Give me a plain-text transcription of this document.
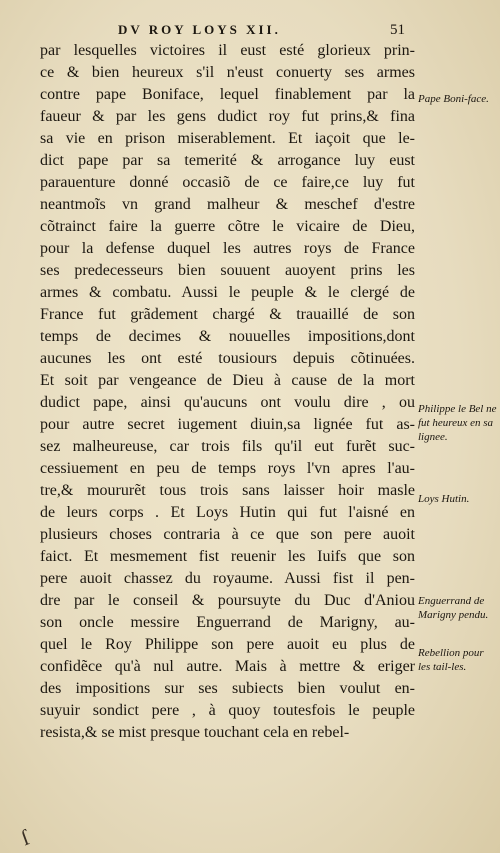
DV ROY LOYS XII.	51
par lesquelles victoires il eust esté glorieux prin-
ce & bien heureux s'il n'eust conuerty ses armes
contre pape Boniface, lequel finablement par la
faueur & par les gens dudict roy fut prins,& fina
sa vie en prison miserablement. Et iaçoit que le-
dict pape par sa temerité & arrogance luy eust
parauenture donné occasiõ de ce faire,ce luy fut
neantmoĩs vn grand malheur & meschef d'estre
cõtrainct faire la guerre cõtre le vicaire de Dieu,
pour la defense duquel les autres roys de France
ses predecesseurs bien souuent auoyent prins les
armes & combatu. Aussi le peuple & le clergé de
France fut grãdement chargé & trauaillé de son
temps de decimes & nouuelles impositions,dont
aucunes les ont esté tousiours depuis cõtinuées.
Et soit par vengeance de Dieu à cause de la mort
dudict pape, ainsi qu'aucuns ont voulu dire , ou
pour autre secret iugement diuin,sa lignée fut as-
sez malheureuse, car trois fils qu'il eut furẽt suc-
cessiuement en peu de temps roys l'vn apres l'au-
tre,& moururẽt tous trois sans laisser hoir masle
de leurs corps . Et Loys Hutin qui fut l'aisné en
plusieurs choses contraria à ce que son pere auoit
faict. Et mesmement fist reuenir les Iuifs que son
pere auoit chassez du royaume. Aussi fist il pen-
dre par le conseil & poursuyte du Duc d'Aniou
son oncle messire Enguerrand de Marigny, au-
quel le Roy Philippe son pere auoit eu plus de
confidẽce qu'à nul autre. Mais à mettre & eriger
des impositions sur ses subiects bien voulut en-
suyuir sondict pere , à quoy toutesfois le peuple
resista,& se mist presque touchant cela en rebel-
Pape Boni-face.
Philippe le Bel ne fut heureux en sa lignee.
Loys Hutin.
Enguerrand de Marigny pendu.
Rebellion pour les tail-les.
ſ
